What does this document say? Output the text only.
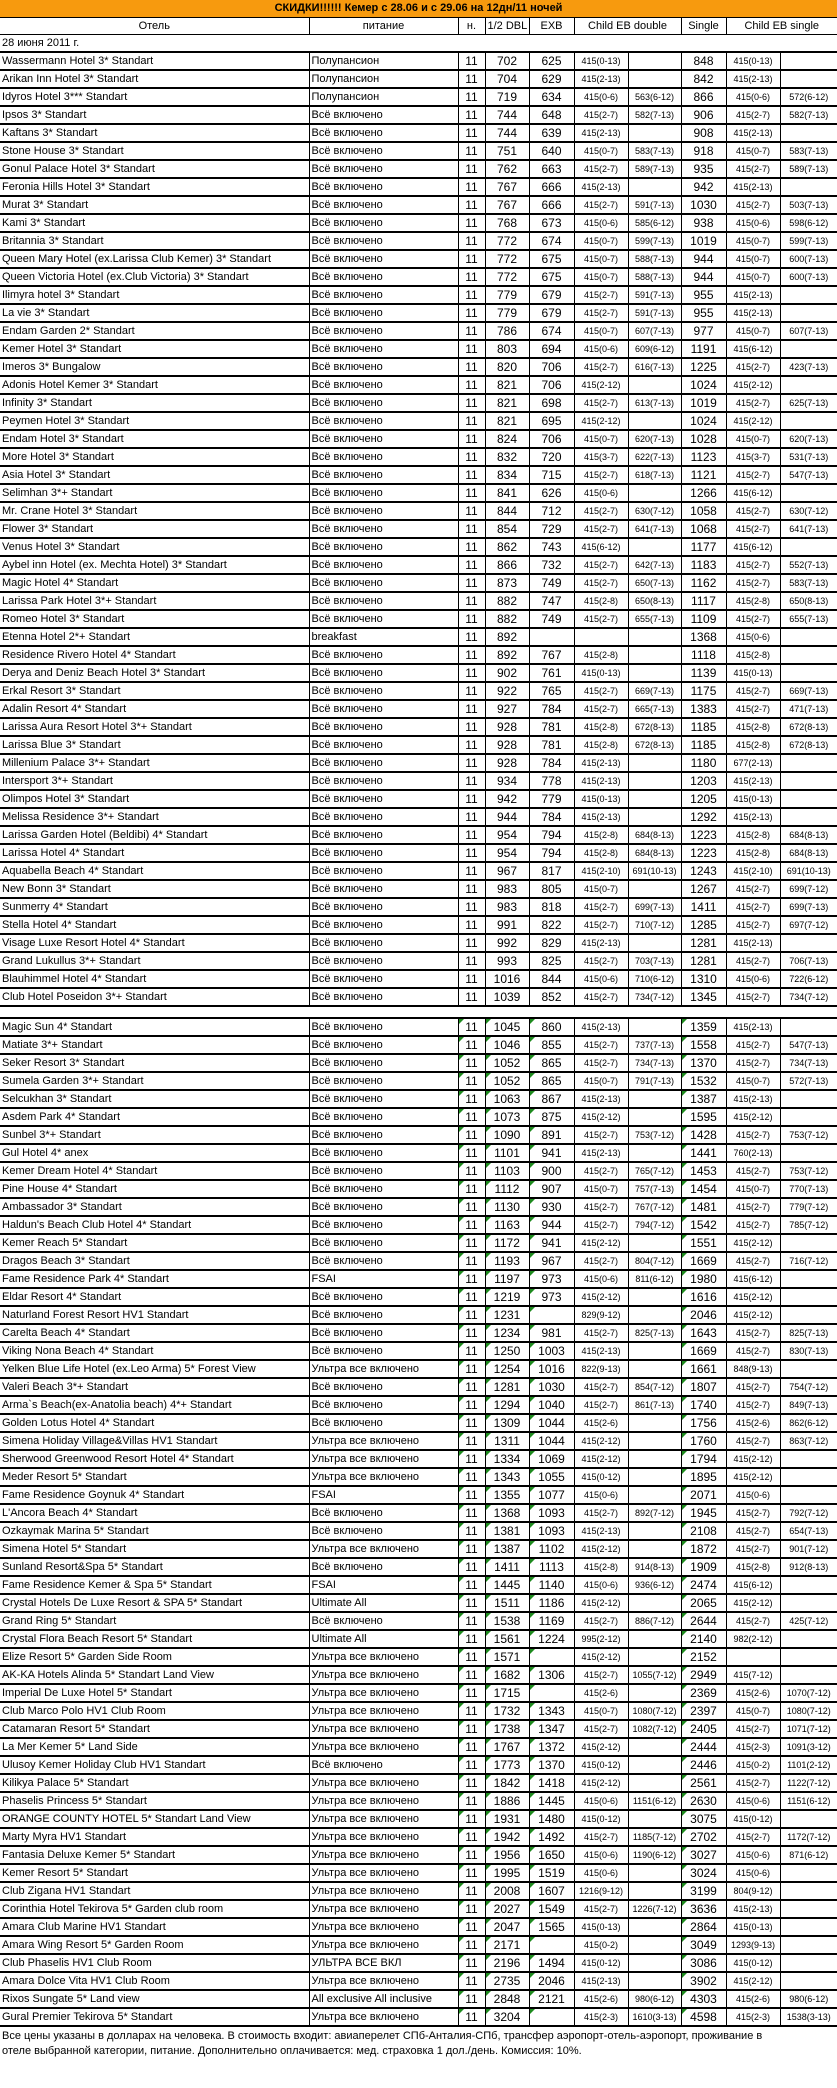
СКИДКИ!!!!!! Кемер с 28.06 и с 29.06 на 12дн/11 ночей									
Отель	питание	н.	1/2 DBL	EXB	Child EB double		Single	Child EB single	
28 июня 2011 г.									
Wassermann Hotel 3* Standart	Полупансион	11	702	625	415(0-13)		848	415(0-13)	
Arikan Inn Hotel 3* Standart	Полупансион	11	704	629	415(2-13)		842	415(2-13)	
Idyros Hotel 3*** Standart	Полупансион	11	719	634	415(0-6)	563(6-12)	866	415(0-6)	572(6-12)
Ipsos 3* Standart	Всё включено	11	744	648	415(2-7)	582(7-13)	906	415(2-7)	582(7-13)
Kaftans 3* Standart	Всё включено	11	744	639	415(2-13)		908	415(2-13)	
Stone House 3* Standart	Всё включено	11	751	640	415(0-7)	583(7-13)	918	415(0-7)	583(7-13)
Gonul Palace Hotel 3* Standart	Всё включено	11	762	663	415(2-7)	589(7-13)	935	415(2-7)	589(7-13)
Feronia Hills Hotel 3* Standart	Всё включено	11	767	666	415(2-13)		942	415(2-13)	
Murat 3* Standart	Всё включено	11	767	666	415(2-7)	591(7-13)	1030	415(2-7)	503(7-13)
Kami 3* Standart	Всё включено	11	768	673	415(0-6)	585(6-12)	938	415(0-6)	598(6-12)
Britannia 3* Standart	Всё включено	11	772	674	415(0-7)	599(7-13)	1019	415(0-7)	599(7-13)
Queen Mary Hotel (ex.Larissa Club Kemer) 3* Standart	Всё включено	11	772	675	415(0-7)	588(7-13)	944	415(0-7)	600(7-13)
Queen Victoria Hotel (ex.Club Victoria) 3* Standart	Всё включено	11	772	675	415(0-7)	588(7-13)	944	415(0-7)	600(7-13)
Ilimyra hotel 3* Standart	Всё включено	11	779	679	415(2-7)	591(7-13)	955	415(2-13)	
La vie 3* Standart	Всё включено	11	779	679	415(2-7)	591(7-13)	955	415(2-13)	
Endam Garden 2* Standart	Всё включено	11	786	674	415(0-7)	607(7-13)	977	415(0-7)	607(7-13)
Kemer Hotel 3* Standart	Всё включено	11	803	694	415(0-6)	609(6-12)	1191	415(6-12)	
Imeros 3* Bungalow	Всё включено	11	820	706	415(2-7)	616(7-13)	1225	415(2-7)	423(7-13)
Adonis Hotel Kemer 3* Standart	Всё включено	11	821	706	415(2-12)		1024	415(2-12)	
Infinity 3* Standart	Всё включено	11	821	698	415(2-7)	613(7-13)	1019	415(2-7)	625(7-13)
Peymen Hotel 3* Standart	Всё включено	11	821	695	415(2-12)		1024	415(2-12)	
Endam Hotel 3* Standart	Всё включено	11	824	706	415(0-7)	620(7-13)	1028	415(0-7)	620(7-13)
More Hotel 3* Standart	Всё включено	11	832	720	415(3-7)	622(7-13)	1123	415(3-7)	531(7-13)
Asia Hotel 3* Standart	Всё включено	11	834	715	415(2-7)	618(7-13)	1121	415(2-7)	547(7-13)
Selimhan 3*+ Standart	Всё включено	11	841	626	415(0-6)		1266	415(6-12)	
Mr. Crane Hotel 3* Standart	Всё включено	11	844	712	415(2-7)	630(7-12)	1058	415(2-7)	630(7-12)
Flower 3* Standart	Всё включено	11	854	729	415(2-7)	641(7-13)	1068	415(2-7)	641(7-13)
Venus Hotel 3* Standart	Всё включено	11	862	743	415(6-12)		1177	415(6-12)	
Aybel inn Hotel (ex. Mechta Hotel) 3* Standart	Всё включено	11	866	732	415(2-7)	642(7-13)	1183	415(2-7)	552(7-13)
Magic Hotel 4* Standart	Всё включено	11	873	749	415(2-7)	650(7-13)	1162	415(2-7)	583(7-13)
Larissa Park Hotel 3*+ Standart	Всё включено	11	882	747	415(2-8)	650(8-13)	1117	415(2-8)	650(8-13)
Romeo Hotel 3* Standart	Всё включено	11	882	749	415(2-7)	655(7-13)	1109	415(2-7)	655(7-13)
Etenna Hotel 2*+ Standart	breakfast	11	892				1368	415(0-6)	
Residence Rivero Hotel 4* Standart	Всё включено	11	892	767	415(2-8)		1118	415(2-8)	
Derya and Deniz Beach Hotel 3* Standart	Всё включено	11	902	761	415(0-13)		1139	415(0-13)	
Erkal Resort 3* Standart	Всё включено	11	922	765	415(2-7)	669(7-13)	1175	415(2-7)	669(7-13)
Adalin Resort 4* Standart	Всё включено	11	927	784	415(2-7)	665(7-13)	1383	415(2-7)	471(7-13)
Larissa Aura Resort Hotel 3*+ Standart	Всё включено	11	928	781	415(2-8)	672(8-13)	1185	415(2-8)	672(8-13)
Larissa Blue 3* Standart	Всё включено	11	928	781	415(2-8)	672(8-13)	1185	415(2-8)	672(8-13)
Millenium Palace 3*+ Standart	Всё включено	11	928	784	415(2-13)		1180	677(2-13)	
Intersport 3*+ Standart	Всё включено	11	934	778	415(2-13)		1203	415(2-13)	
Olimpos Hotel 3* Standart	Всё включено	11	942	779	415(0-13)		1205	415(0-13)	
Melissa Residence 3*+ Standart	Всё включено	11	944	784	415(2-13)		1292	415(2-13)	
Larissa Garden Hotel (Beldibi) 4* Standart	Всё включено	11	954	794	415(2-8)	684(8-13)	1223	415(2-8)	684(8-13)
Larissa Hotel 4* Standart	Всё включено	11	954	794	415(2-8)	684(8-13)	1223	415(2-8)	684(8-13)
Aquabella Beach 4* Standart	Всё включено	11	967	817	415(2-10)	691(10-13)	1243	415(2-10)	691(10-13)
New Bonn 3* Standart	Всё включено	11	983	805	415(0-7)		1267	415(2-7)	699(7-12)
Sunmerry 4* Standart	Всё включено	11	983	818	415(2-7)	699(7-13)	1411	415(2-7)	699(7-13)
Stella Hotel 4* Standart	Всё включено	11	991	822	415(2-7)	710(7-12)	1285	415(2-7)	697(7-12)
Visage Luxe Resort Hotel 4* Standart	Всё включено	11	992	829	415(2-13)		1281	415(2-13)	
Grand Lukullus 3*+ Standart	Всё включено	11	993	825	415(2-7)	703(7-13)	1281	415(2-7)	706(7-13)
Blauhimmel Hotel 4* Standart	Всё включено	11	1016	844	415(0-6)	710(6-12)	1310	415(0-6)	722(6-12)
Club Hotel Poseidon 3*+ Standart	Всё включено	11	1039	852	415(2-7)	734(7-12)	1345	415(2-7)	734(7-12)

Magic Sun 4* Standart	Всё включено	11	1045	860	415(2-13)		1359	415(2-13)	
Matiate 3*+ Standart	Всё включено	11	1046	855	415(2-7)	737(7-13)	1558	415(2-7)	547(7-13)
Seker Resort 3* Standart	Всё включено	11	1052	865	415(2-7)	734(7-13)	1370	415(2-7)	734(7-13)
Sumela Garden 3*+ Standart	Всё включено	11	1052	865	415(0-7)	791(7-13)	1532	415(0-7)	572(7-13)
Selcukhan 3* Standart	Всё включено	11	1063	867	415(2-13)		1387	415(2-13)	
Asdem Park 4* Standart	Всё включено	11	1073	875	415(2-12)		1595	415(2-12)	
Sunbel 3*+ Standart	Всё включено	11	1090	891	415(2-7)	753(7-12)	1428	415(2-7)	753(7-12)
Gul Hotel 4* anex	Всё включено	11	1101	941	415(2-13)		1441	760(2-13)	
Kemer Dream Hotel 4* Standart	Всё включено	11	1103	900	415(2-7)	765(7-12)	1453	415(2-7)	753(7-12)
Pine House 4* Standart	Всё включено	11	1112	907	415(0-7)	757(7-13)	1454	415(0-7)	770(7-13)
Ambassador 3* Standart	Всё включено	11	1130	930	415(2-7)	767(7-12)	1481	415(2-7)	779(7-12)
Haldun's Beach Club Hotel 4* Standart	Всё включено	11	1163	944	415(2-7)	794(7-12)	1542	415(2-7)	785(7-12)
Kemer Reach 5* Standart	Всё включено	11	1172	941	415(2-12)		1551	415(2-12)	
Dragos Beach 3* Standart	Всё включено	11	1193	967	415(2-7)	804(7-12)	1669	415(2-7)	716(7-12)
Fame Residence Park 4* Standart	FSAI	11	1197	973	415(0-6)	811(6-12)	1980	415(6-12)	
Eldar Resort 4* Standart	Всё включено	11	1219	973	415(2-12)		1616	415(2-12)	
Naturland Forest Resort HV1 Standart	Всё включено	11	1231		829(9-12)		2046	415(2-12)	
Carelta Beach 4* Standart	Всё включено	11	1234	981	415(2-7)	825(7-13)	1643	415(2-7)	825(7-13)
Viking Nona Beach 4* Standart	Всё включено	11	1250	1003	415(2-13)		1669	415(2-7)	830(7-13)
Yelken Blue Life Hotel (ex.Leo Arma) 5* Forest View	Ультра все включено	11	1254	1016	822(9-13)		1661	848(9-13)	
Valeri Beach 3*+ Standart	Всё включено	11	1281	1030	415(2-7)	854(7-12)	1807	415(2-7)	754(7-12)
Arma`s Beach(ex-Anatolia beach) 4*+ Standart	Всё включено	11	1294	1040	415(2-7)	861(7-13)	1740	415(2-7)	849(7-13)
Golden Lotus Hotel 4* Standart	Всё включено	11	1309	1044	415(2-6)		1756	415(2-6)	862(6-12)
Simena Holiday Village&Villas HV1 Standart	Ультра все включено	11	1311	1044	415(2-12)		1760	415(2-7)	863(7-12)
Sherwood Greenwood Resort Hotel 4* Standart	Ультра все включено	11	1334	1069	415(2-12)		1794	415(2-12)	
Meder Resort 5* Standart	Ультра все включено	11	1343	1055	415(0-12)		1895	415(2-12)	
Fame Residence Goynuk 4* Standart	FSAI	11	1355	1077	415(0-6)		2071	415(0-6)	
L'Ancora Beach 4* Standart	Всё включено	11	1368	1093	415(2-7)	892(7-12)	1945	415(2-7)	792(7-12)
Ozkaymak Marina 5* Standart	Всё включено	11	1381	1093	415(2-13)		2108	415(2-7)	654(7-13)
Simena Hotel 5* Standart	Ультра все включено	11	1387	1102	415(2-12)		1872	415(2-7)	901(7-12)
Sunland Resort&Spa 5* Standart	Всё включено	11	1411	1113	415(2-8)	914(8-13)	1909	415(2-8)	912(8-13)
Fame Residence Kemer & Spa 5* Standart	FSAI	11	1445	1140	415(0-6)	936(6-12)	2474	415(6-12)	
Crystal Hotels De Luxe Resort & SPA 5* Standart	Ultimate All	11	1511	1186	415(2-12)		2065	415(2-12)	
Grand Ring 5* Standart	Всё включено	11	1538	1169	415(2-7)	886(7-12)	2644	415(2-7)	425(7-12)
Crystal Flora Beach Resort 5* Standart	Ultimate All	11	1561	1224	995(2-12)		2140	982(2-12)	
Elize Resort 5* Garden Side Room	Ультра все включено	11	1571		415(2-12)		2152		
AK-KA Hotels Alinda 5* Standart Land View	Ультра все включено	11	1682	1306	415(2-7)	1055(7-12)	2949	415(7-12)	
Imperial De Luxe Hotel 5* Standart	Ультра все включено	11	1715		415(2-6)		2369	415(2-6)	1070(7-12)
Club Marco Polo HV1 Club Room	Ультра все включено	11	1732	1343	415(0-7)	1080(7-12)	2397	415(0-7)	1080(7-12)
Catamaran Resort 5* Standart	Ультра все включено	11	1738	1347	415(2-7)	1082(7-12)	2405	415(2-7)	1071(7-12)
La Mer Kemer 5* Land Side	Ультра все включено	11	1767	1372	415(2-12)		2444	415(2-3)	1091(3-12)
Ulusoy Kemer Holiday Club HV1 Standart	Всё включено	11	1773	1370	415(0-12)		2446	415(0-2)	1101(2-12)
Kilikya Palace 5* Standart	Ультра все включено	11	1842	1418	415(2-12)		2561	415(2-7)	1122(7-12)
Phaselis Princess 5* Standart	Ультра все включено	11	1886	1445	415(0-6)	1151(6-12)	2630	415(0-6)	1151(6-12)
ORANGE COUNTY HOTEL 5* Standart Land View	Ультра все включено	11	1931	1480	415(0-12)		3075	415(0-12)	
Marty Myra HV1 Standart	Ультра все включено	11	1942	1492	415(2-7)	1185(7-12)	2702	415(2-7)	1172(7-12)
Fantasia Deluxe Kemer 5* Standart	Ультра все включено	11	1956	1650	415(0-6)	1190(6-12)	3027	415(0-6)	871(6-12)
Kemer Resort 5* Standart	Ультра все включено	11	1995	1519	415(0-6)		3024	415(0-6)	
Club Zigana HV1 Standart	Ультра все включено	11	2008	1607	1216(9-12)		3199	804(9-12)	
Corinthia Hotel Tekirova 5* Garden club room	Ультра все включено	11	2027	1549	415(2-7)	1226(7-12)	3636	415(2-13)	
Amara Club Marine HV1 Standart	Ультра все включено	11	2047	1565	415(0-13)		2864	415(0-13)	
Amara Wing Resort 5* Garden Room	Ультра все включено	11	2171		415(0-2)		3049	1293(9-13)	
Club Phaselis HV1 Club Room	УЛЬТРА ВСЕ ВКЛ	11	2196	1494	415(0-12)		3086	415(0-12)	
Amara Dolce Vita HV1 Club Room	Ультра все включено	11	2735	2046	415(2-13)		3902	415(2-12)	
Rixos Sungate 5* Land view	All exclusive All inclusive	11	2848	2121	415(2-6)	980(6-12)	4303	415(2-6)	980(6-12)
Gural Premier Tekirova 5* Standart	Ультра все включено	11	3204		415(2-3)	1610(3-13)	4598	415(2-3)	1538(3-13)
Все цены указаны в долларах на человека. В стоимость входит: авиаперелет СПб-Анталия-СПб, трансфер аэропорт-отель-аэропорт, проживание в отеле выбранной категории, питание. Дополнительно оплачивается: мед. страховка 1 дол./день. Комиссия: 10%.
